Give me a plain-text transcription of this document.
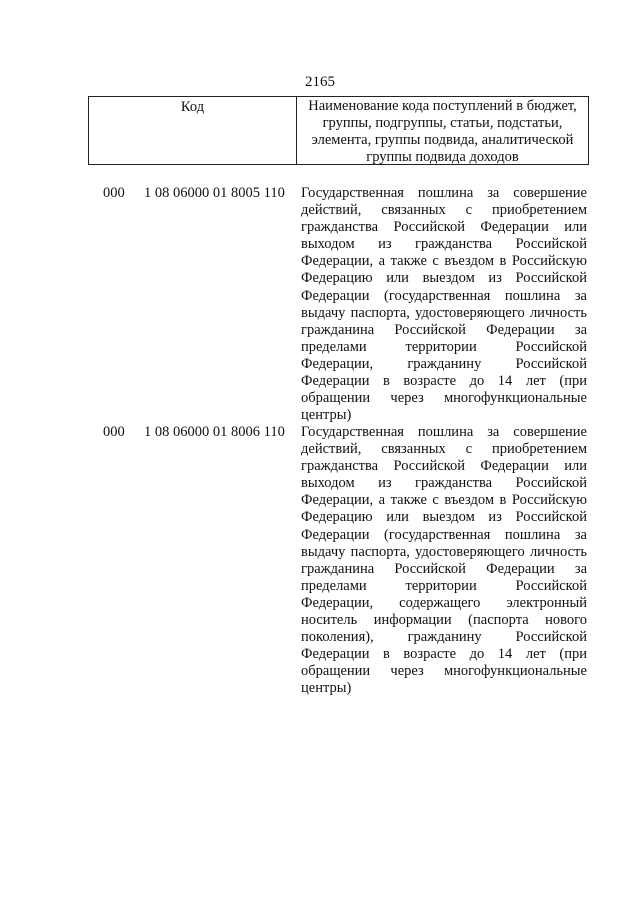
2165
Код	Наименование кода поступлений в бюджет, группы, подгруппы, статьи, подстатьи, элемента, группы подвида, аналитической группы подвида доходов
000 1 08 06000 01 8005 110 Государственная пошлина за совершение действий, связанных с приобретением гражданства Российской Федерации или выходом из гражданства Российской Федерации, а также с въездом в Российскую Федерацию или выездом из Российской Федерации (государственная пошлина за выдачу паспорта, удостоверяющего личность гражданина Российской Федерации за пределами территории Российской Федерации, гражданину Российской Федерации в возрасте до 14 лет (при обращении через многофункциональные центры)
000 1 08 06000 01 8006 110 Государственная пошлина за совершение действий, связанных с приобретением гражданства Российской Федерации или выходом из гражданства Российской Федерации, а также с въездом в Российскую Федерацию или выездом из Российской Федерации (государственная пошлина за выдачу паспорта, удостоверяющего личность гражданина Российской Федерации за пределами территории Российской Федерации, содержащего электронный носитель информации (паспорта нового поколения), гражданину Российской Федерации в возрасте до 14 лет (при обращении через многофункциональные центры)
